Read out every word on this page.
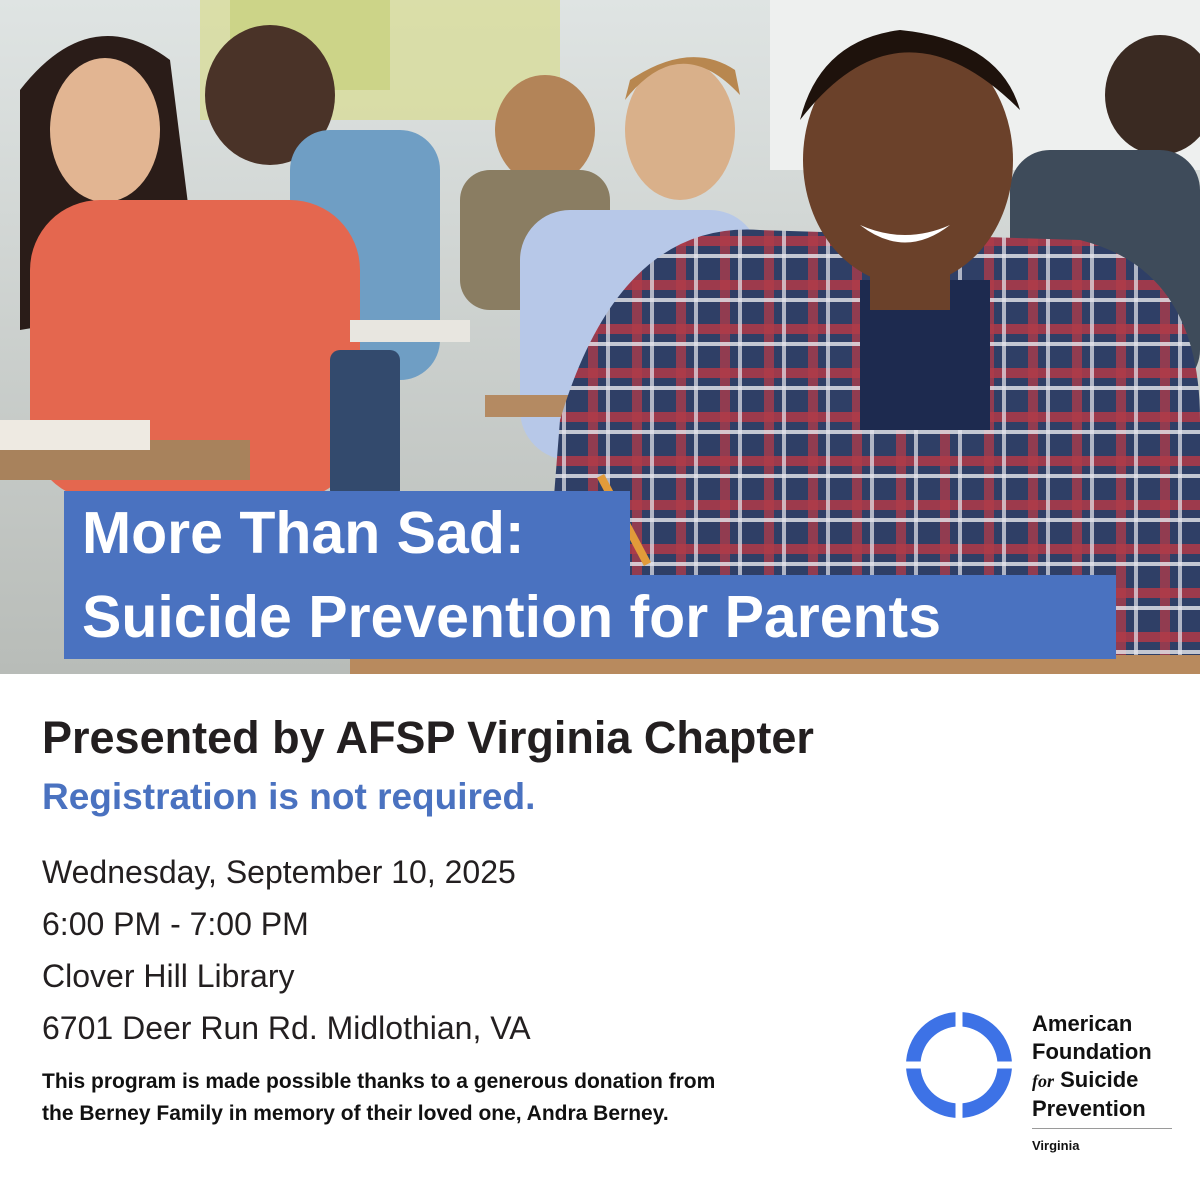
More Than Sad:
Suicide Prevention for Parents
Presented by AFSP Virginia Chapter
Registration is not required.
Wednesday, September 10, 2025
6:00 PM - 7:00 PM
Clover Hill Library
6701 Deer Run Rd. Midlothian, VA
This program is made possible thanks to a generous donation from
the Berney Family in memory of their loved one, Andra Berney.
American
Foundation
for Suicide
Prevention
Virginia
